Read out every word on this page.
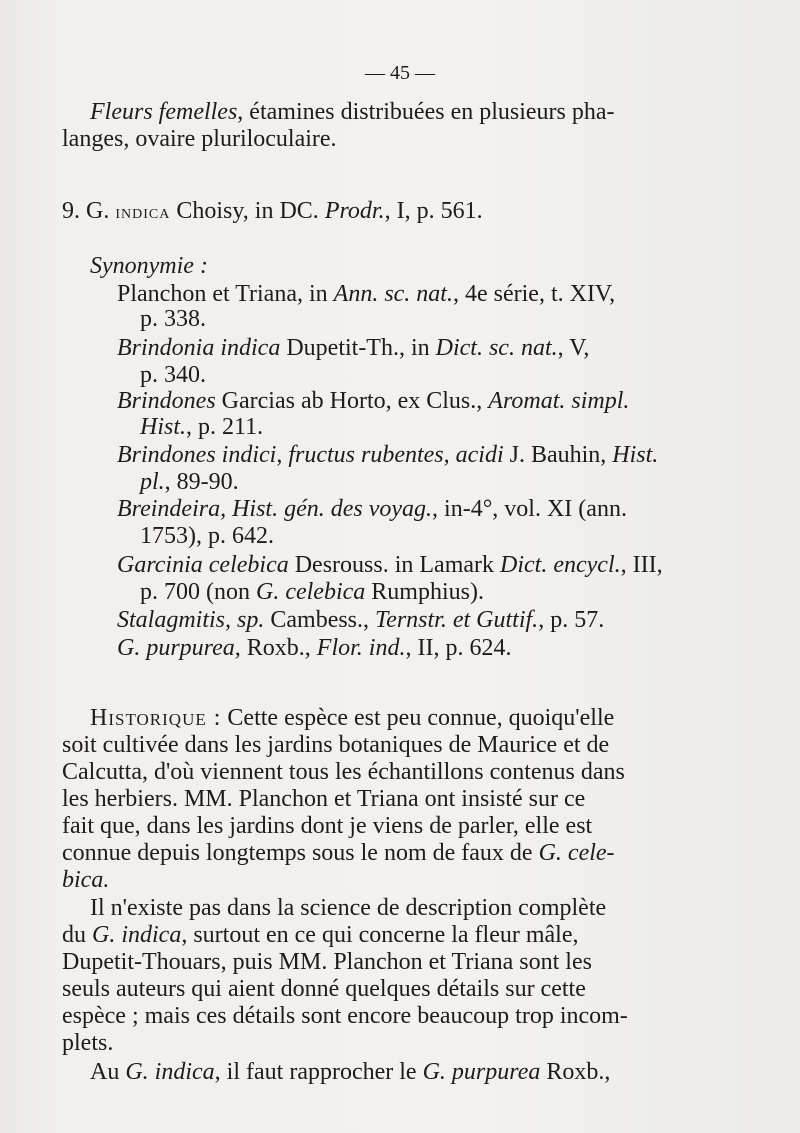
— 45 —
Fleurs femelles, étamines distribuées en plusieurs pha-
langes, ovaire pluriloculaire.
9. G. indica Choisy, in DC. Prodr., I, p. 561.
Synonymie :
Planchon et Triana, in Ann. sc. nat., 4e série, t. XIV,
p. 338.
Brindonia indica Dupetit-Th., in Dict. sc. nat., V,
p. 340.
Brindones Garcias ab Horto, ex Clus., Aromat. simpl.
Hist., p. 211.
Brindones indici, fructus rubentes, acidi J. Bauhin, Hist.
pl., 89-90.
Breindeira, Hist. gén. des voyag., in-4°, vol. XI (ann.
1753), p. 642.
Garcinia celebica Desrouss. in Lamark Dict. encycl., III,
p. 700 (non G. celebica Rumphius).
Stalagmitis, sp. Cambess., Ternstr. et Guttif., p. 57.
G. purpurea, Roxb., Flor. ind., II, p. 624.
Historique : Cette espèce est peu connue, quoiqu'elle
soit cultivée dans les jardins botaniques de Maurice et de
Calcutta, d'où viennent tous les échantillons contenus dans
les herbiers. MM. Planchon et Triana ont insisté sur ce
fait que, dans les jardins dont je viens de parler, elle est
connue depuis longtemps sous le nom de faux de G. cele-
bica.
Il n'existe pas dans la science de description complète
du G. indica, surtout en ce qui concerne la fleur mâle,
Dupetit-Thouars, puis MM. Planchon et Triana sont les
seuls auteurs qui aient donné quelques détails sur cette
espèce ; mais ces détails sont encore beaucoup trop incom-
plets.
Au G. indica, il faut rapprocher le G. purpurea Roxb.,
